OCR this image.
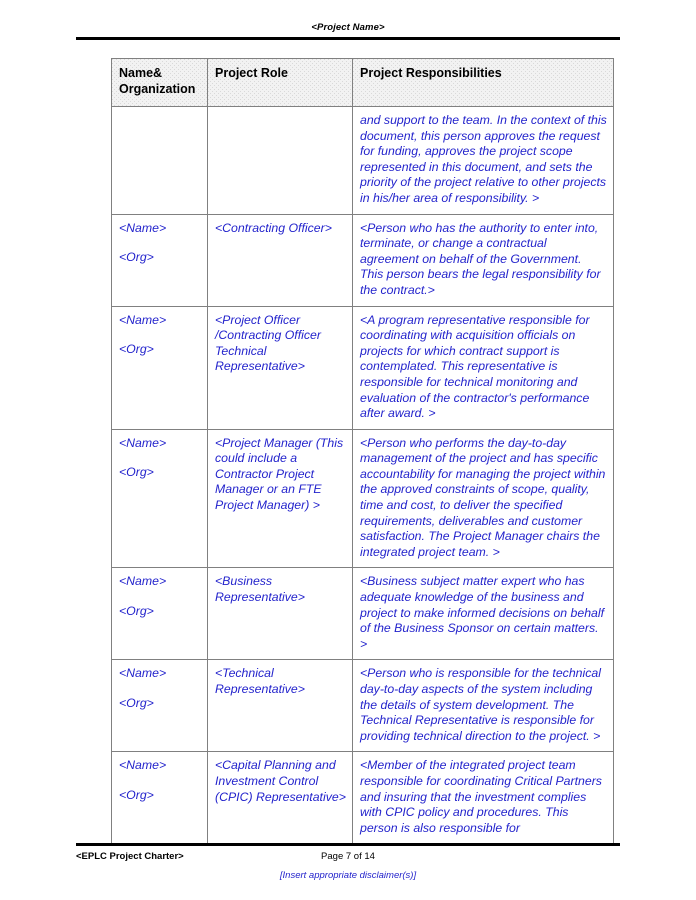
<Project Name>
Name&
Organization	Project Role	Project Responsibilities

		and support to the team. In the context of this document, this person approves the request for funding, approves the project scope represented in this document, and sets the priority of the project relative to other projects in his/her area of responsibility. >

<Name>
<Org>	<Contracting Officer>	<Person who has the authority to enter into, terminate, or change a contractual agreement on behalf of the Government. This person bears the legal responsibility for the contract.>

<Name>
<Org>	<Project Officer /Contracting Officer Technical Representative>	<A program representative responsible for coordinating with acquisition officials on projects for which contract support is contemplated. This representative is responsible for technical monitoring and evaluation of the contractor's performance after award. >

<Name>
<Org>	<Project Manager (This could include a Contractor Project Manager or an FTE Project Manager) >	<Person who performs the day-to-day management of the project and has specific accountability for managing the project within the approved constraints of scope, quality, time and cost, to deliver the specified requirements, deliverables and customer satisfaction. The Project Manager chairs the integrated project team. >

<Name>
<Org>	<Business Representative>	<Business subject matter expert who has adequate knowledge of the business and project to make informed decisions on behalf of the Business Sponsor on certain matters. >

<Name>
<Org>	<Technical Representative>	<Person who is responsible for the technical day-to-day aspects of the system including the details of system development. The Technical Representative is responsible for providing technical direction to the project. >

<Name>
<Org>	<Capital Planning and Investment Control (CPIC) Representative>	<Member of the integrated project team responsible for coordinating Critical Partners and insuring that the investment complies with CPIC policy and procedures. This person is also responsible for
<EPLC Project Charter>	Page 7 of 14
[Insert appropriate disclaimer(s)]
